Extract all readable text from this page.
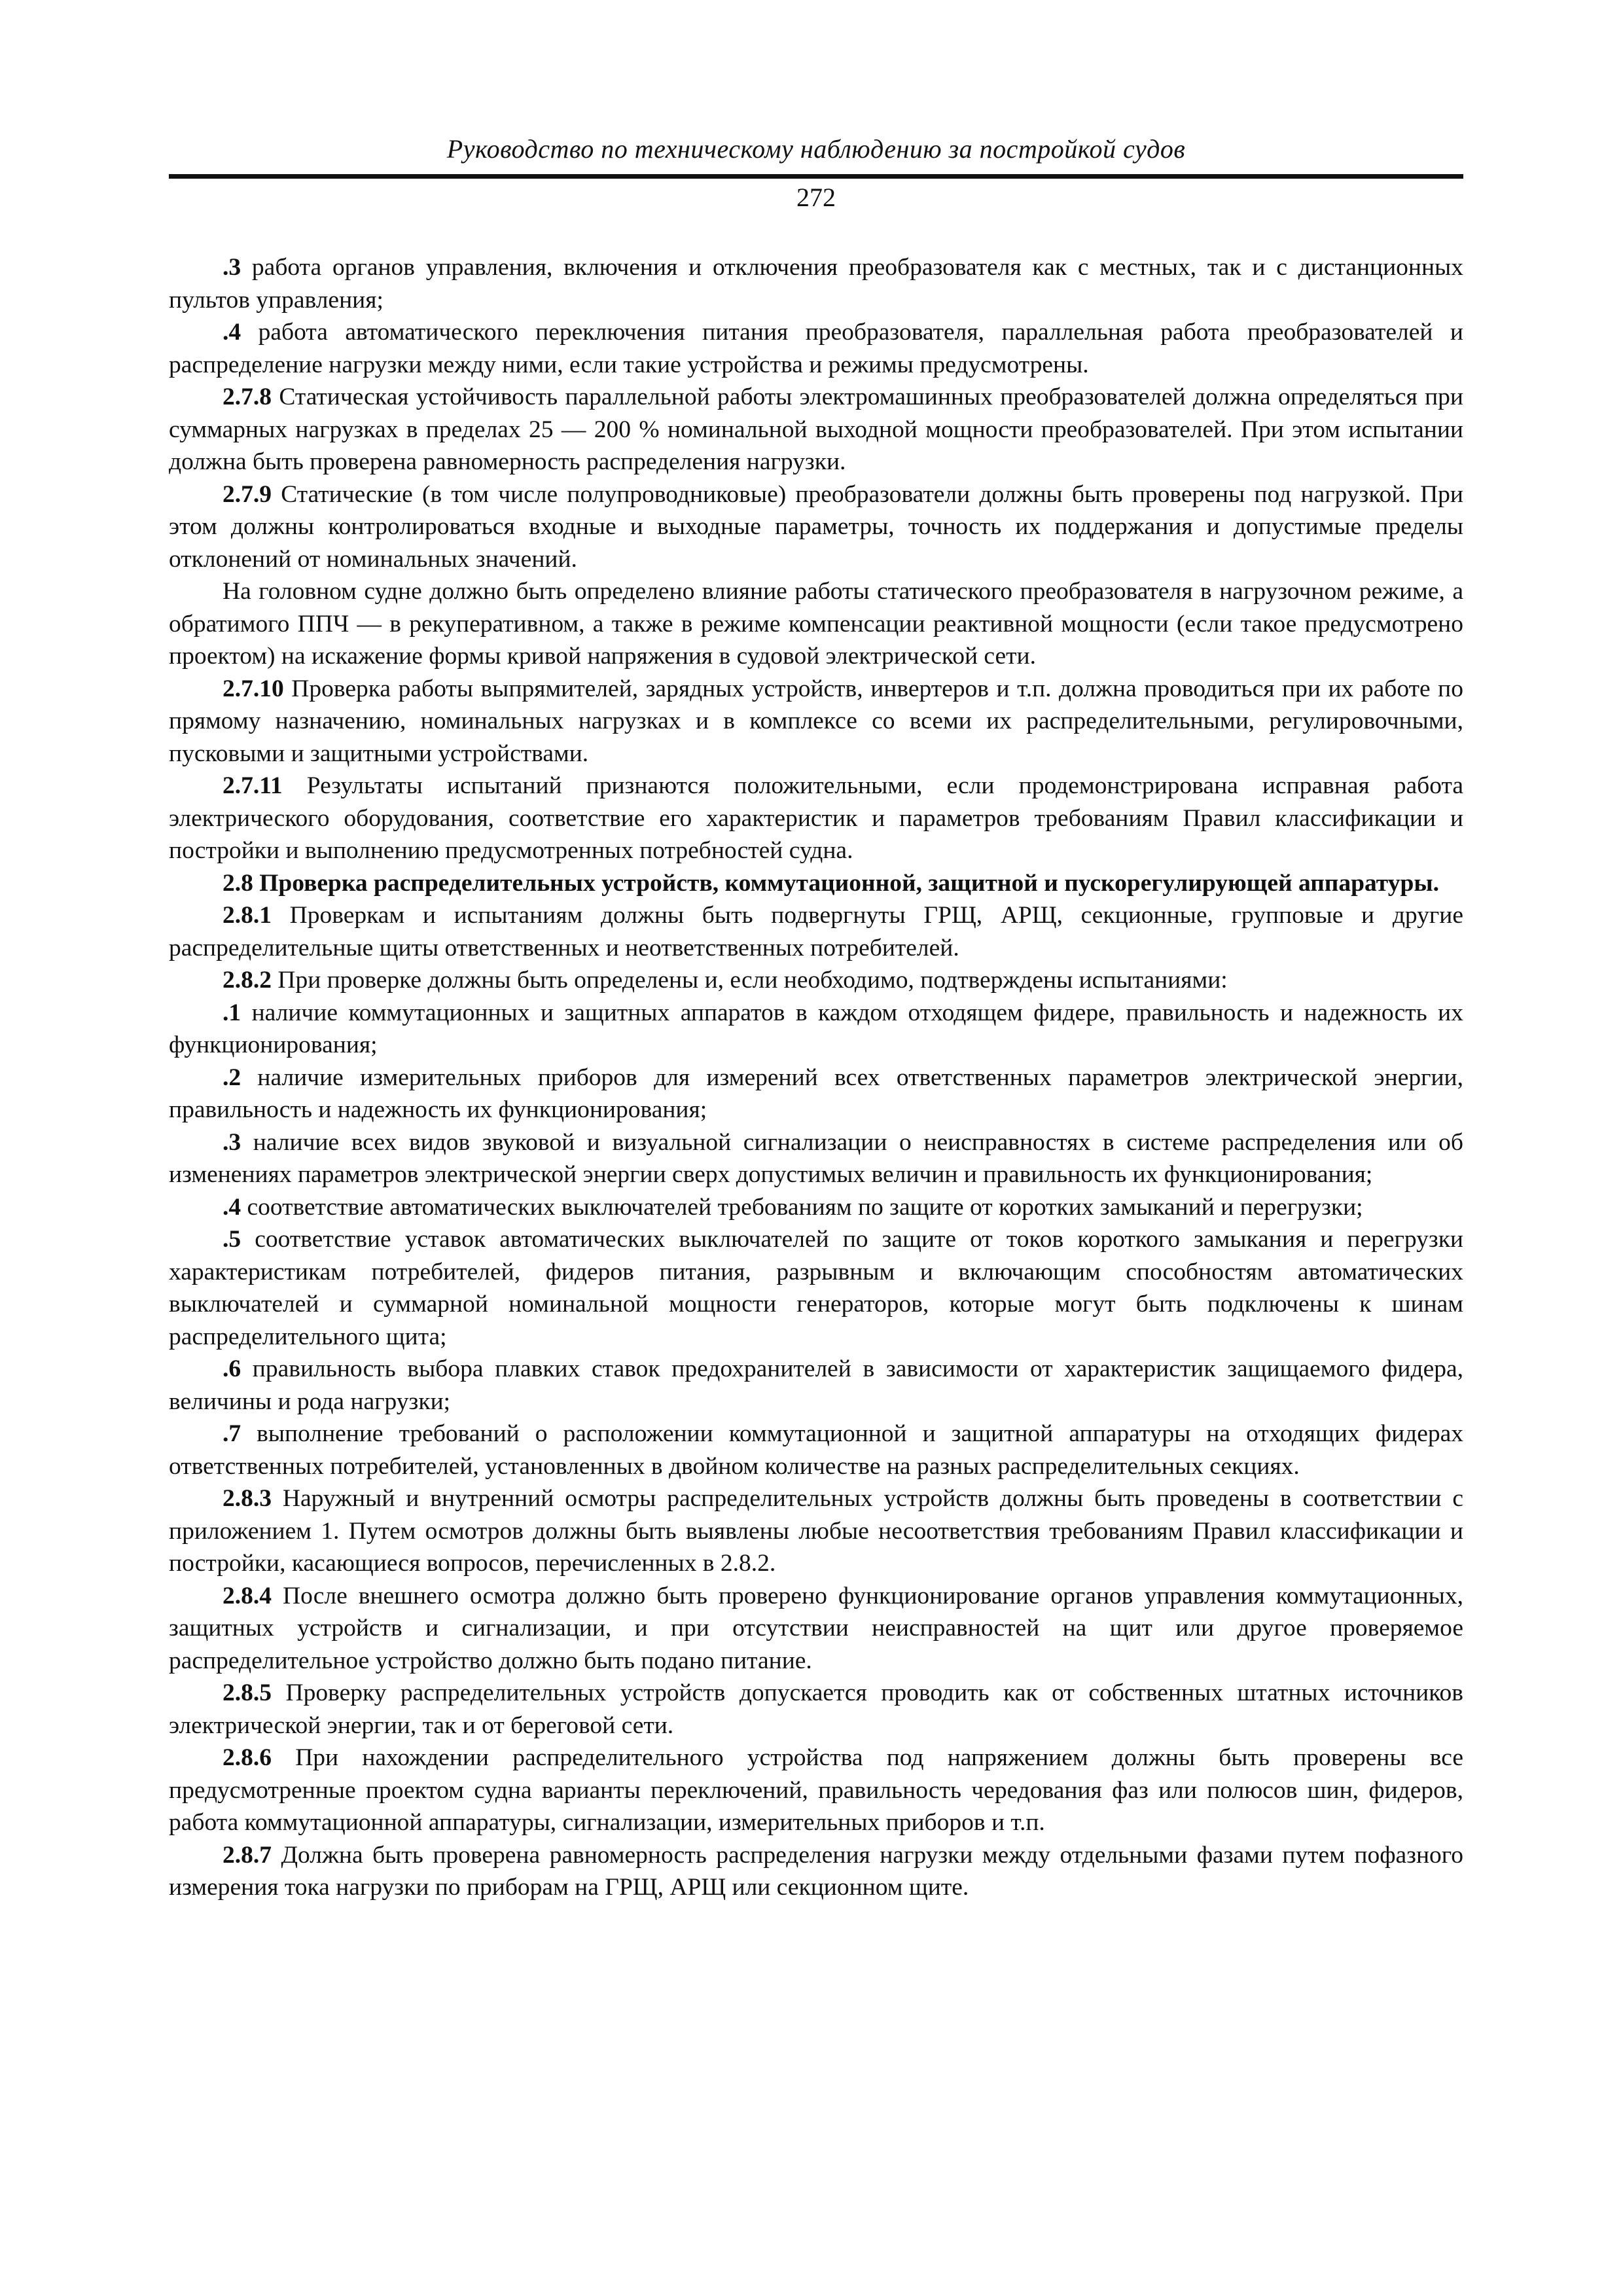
Руководство по техническому наблюдению за постройкой судов
272

.3 работа органов управления, включения и отключения преобразователя как с местных, так и с дистанционных пультов управления;

.4 работа автоматического переключения питания преобразователя, параллельная работа преобразователей и распределение нагрузки между ними, если такие устройства и режимы предусмотрены.

2.7.8 Статическая устойчивость параллельной работы электромашинных преобразователей должна определяться при суммарных нагрузках в пределах 25 — 200 % номинальной выходной мощности преобразователей. При этом испытании должна быть проверена равномерность распределения нагрузки.

2.7.9 Статические (в том числе полупроводниковые) преобразователи должны быть проверены под нагрузкой. При этом должны контролироваться входные и выходные параметры, точность их поддержания и допустимые пределы отклонений от номинальных значений.

На головном судне должно быть определено влияние работы статического преобразователя в нагрузочном режиме, а обратимого ППЧ — в рекуперативном, а также в режиме компенсации реактивной мощности (если такое предусмотрено проектом) на искажение формы кривой напряжения в судовой электрической сети.

2.7.10 Проверка работы выпрямителей, зарядных устройств, инвертеров и т.п. должна проводиться при их работе по прямому назначению, номинальных нагрузках и в комплексе со всеми их распределительными, регулировочными, пусковыми и защитными устройствами.

2.7.11 Результаты испытаний признаются положительными, если продемонстрирована исправная работа электрического оборудования, соответствие его характеристик и параметров требованиям Правил классификации и постройки и выполнению предусмотренных потребностей судна.

2.8 Проверка распределительных устройств, коммутационной, защитной и пускорегулирующей аппаратуры.

2.8.1 Проверкам и испытаниям должны быть подвергнуты ГРЩ, АРЩ, секционные, групповые и другие распределительные щиты ответственных и неответственных потребителей.

2.8.2 При проверке должны быть определены и, если необходимо, подтверждены испытаниями:

.1 наличие коммутационных и защитных аппаратов в каждом отходящем фидере, правильность и надежность их функционирования;

.2 наличие измерительных приборов для измерений всех ответственных параметров электрической энергии, правильность и надежность их функционирования;

.3 наличие всех видов звуковой и визуальной сигнализации о неисправностях в системе распределения или об изменениях параметров электрической энергии сверх допустимых величин и правильность их функционирования;

.4 соответствие автоматических выключателей требованиям по защите от коротких замыканий и перегрузки;

.5 соответствие уставок автоматических выключателей по защите от токов короткого замыкания и перегрузки характеристикам потребителей, фидеров питания, разрывным и включающим способностям автоматических выключателей и суммарной номинальной мощности генераторов, которые могут быть подключены к шинам распределительного щита;

.6 правильность выбора плавких ставок предохранителей в зависимости от характеристик защищаемого фидера, величины и рода нагрузки;

.7 выполнение требований о расположении коммутационной и защитной аппаратуры на отходящих фидерах ответственных потребителей, установленных в двойном количестве на разных распределительных секциях.

2.8.3 Наружный и внутренний осмотры распределительных устройств должны быть проведены в соответствии с приложением 1. Путем осмотров должны быть выявлены любые несоответствия требованиям Правил классификации и постройки, касающиеся вопросов, перечисленных в 2.8.2.

2.8.4 После внешнего осмотра должно быть проверено функционирование органов управления коммутационных, защитных устройств и сигнализации, и при отсутствии неисправностей на щит или другое проверяемое распределительное устройство должно быть подано питание.

2.8.5 Проверку распределительных устройств допускается проводить как от собственных штатных источников электрической энергии, так и от береговой сети.

2.8.6 При нахождении распределительного устройства под напряжением должны быть проверены все предусмотренные проектом судна варианты переключений, правильность чередования фаз или полюсов шин, фидеров, работа коммутационной аппаратуры, сигнализации, измерительных приборов и т.п.

2.8.7 Должна быть проверена равномерность распределения нагрузки между отдельными фазами путем пофазного измерения тока нагрузки по приборам на ГРЩ, АРЩ или секционном щите.
